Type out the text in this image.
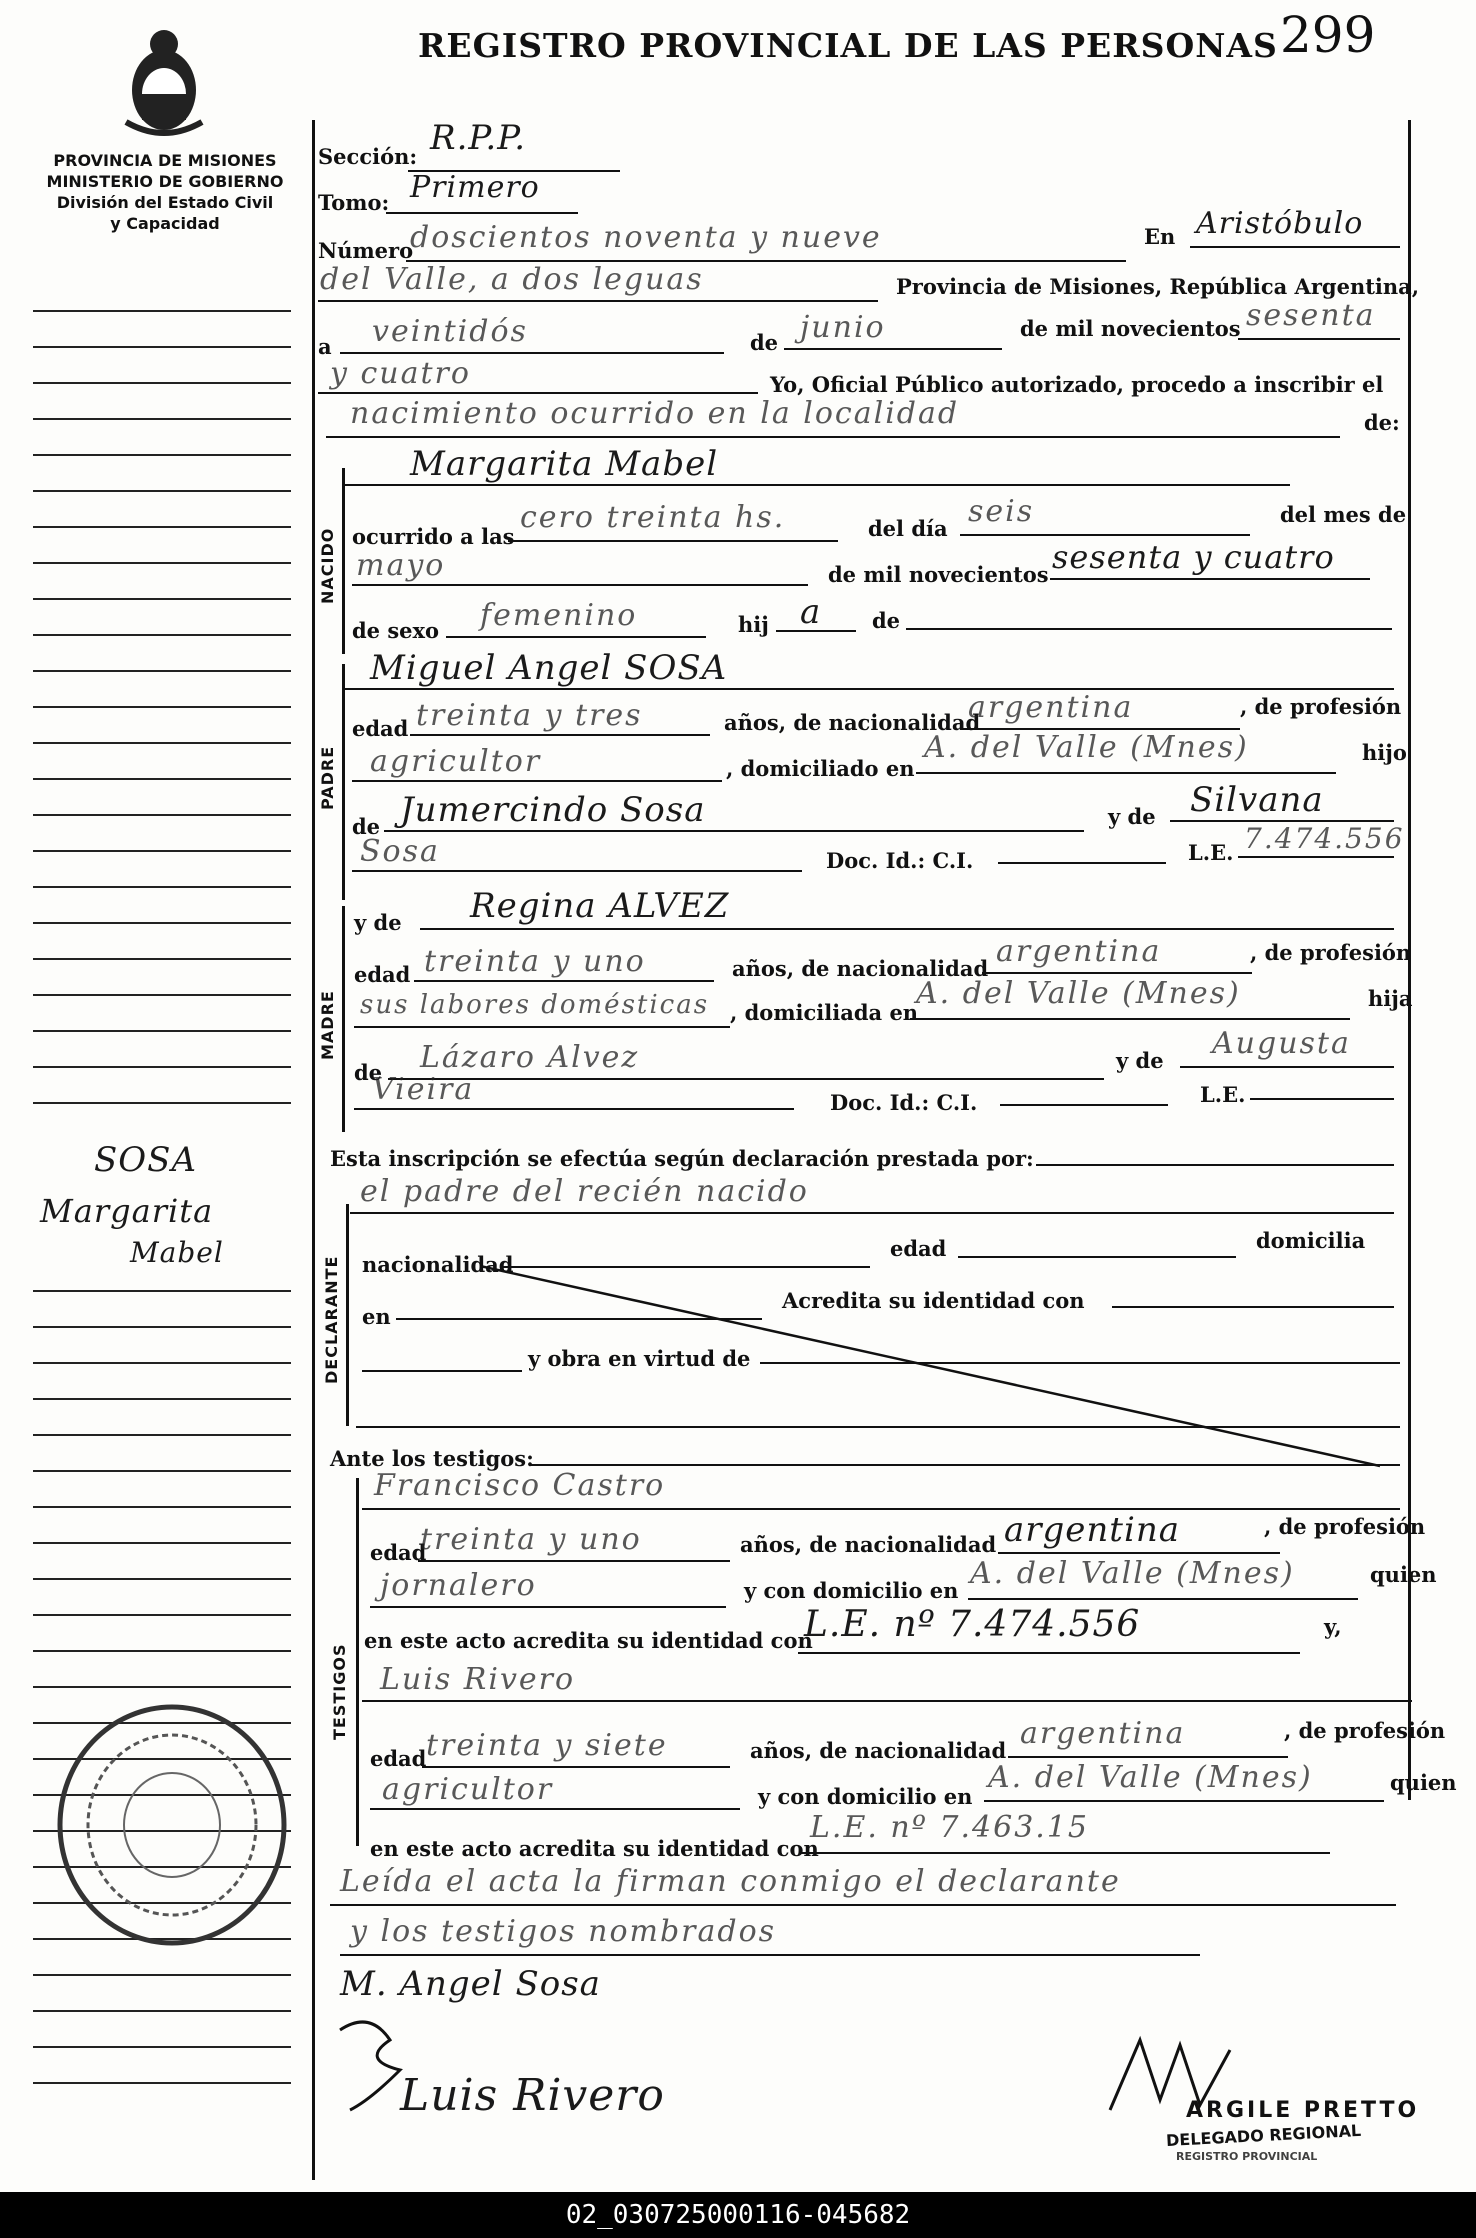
REGISTRO PROVINCIAL DE LAS PERSONAS 299
PROVINCIA DE MISIONES
MINISTERIO DE GOBIERNO
División del Estado Civil
y Capacidad
SOSA
Margarita
Mabel
NACIDO
PADRE
MADRE
DECLARANTE
TESTIGOS
Sección: R.P.P.
Tomo: Primero
Número
doscientos noventa y nueve	En Aristóbulo
del Valle, a dos leguas	Provincia de Misiones, República Argentina,
a veintidós	de junio	de mil novecientos sesenta
y cuatro	Yo, Oficial Público autorizado, procedo a inscribir el
nacimiento ocurrido en la localidad	de:
Margarita Mabel
ocurrido a las
cero treinta hs.	del día seis	del mes de
mayo	de mil novecientos sesenta y cuatro
de sexo femenino	hij a de
Miguel Angel SOSA
edad treinta y tres	años, de nacionalidad
argentina	, de profesión
agricultor	, domiciliado en
A. del Valle (Mnes)	hijo
de Jumercindo Sosa	y de Silvana
Sosa	Doc. Id.: C.I.	L.E. 7.474.556
y de Regina ALVEZ
edad treinta y uno	años, de nacionalidad argentina	, de profesión
sus labores domésticas , domiciliada en
A. del Valle (Mnes)	hija
de Lázaro Alvez	y de Augusta
Vieira	Doc. Id.: C.I.	L.E.
Esta inscripción se efectúa según declaración prestada por:
el padre del recién nacido
nacionalidad
edad	domicilia
en
Acredita su identidad con
y obra en virtud de
Ante los testigos:
Francisco Castro
edad
treinta y uno	años, de nacionalidad argentina	, de profesión
jornalero	y con domicilio en A. del Valle (Mnes)	quien
en este acto acredita su identidad con
L.E. nº 7.474.556	y,
Luis Rivero
edad treinta y siete	años, de nacionalidad argentina	, de profesión
agricultor	y con domicilio en
A. del Valle (Mnes)	quien
en este acto acredita su identidad con
L.E. nº 7.463.15
Leída el acta la firman conmigo el declarante
y los testigos nombrados
M. Angel Sosa
Luis Rivero	ARGILE PRETTO
DELEGADO REGIONAL
REGISTRO PROVINCIAL
02_030725000116-045682
